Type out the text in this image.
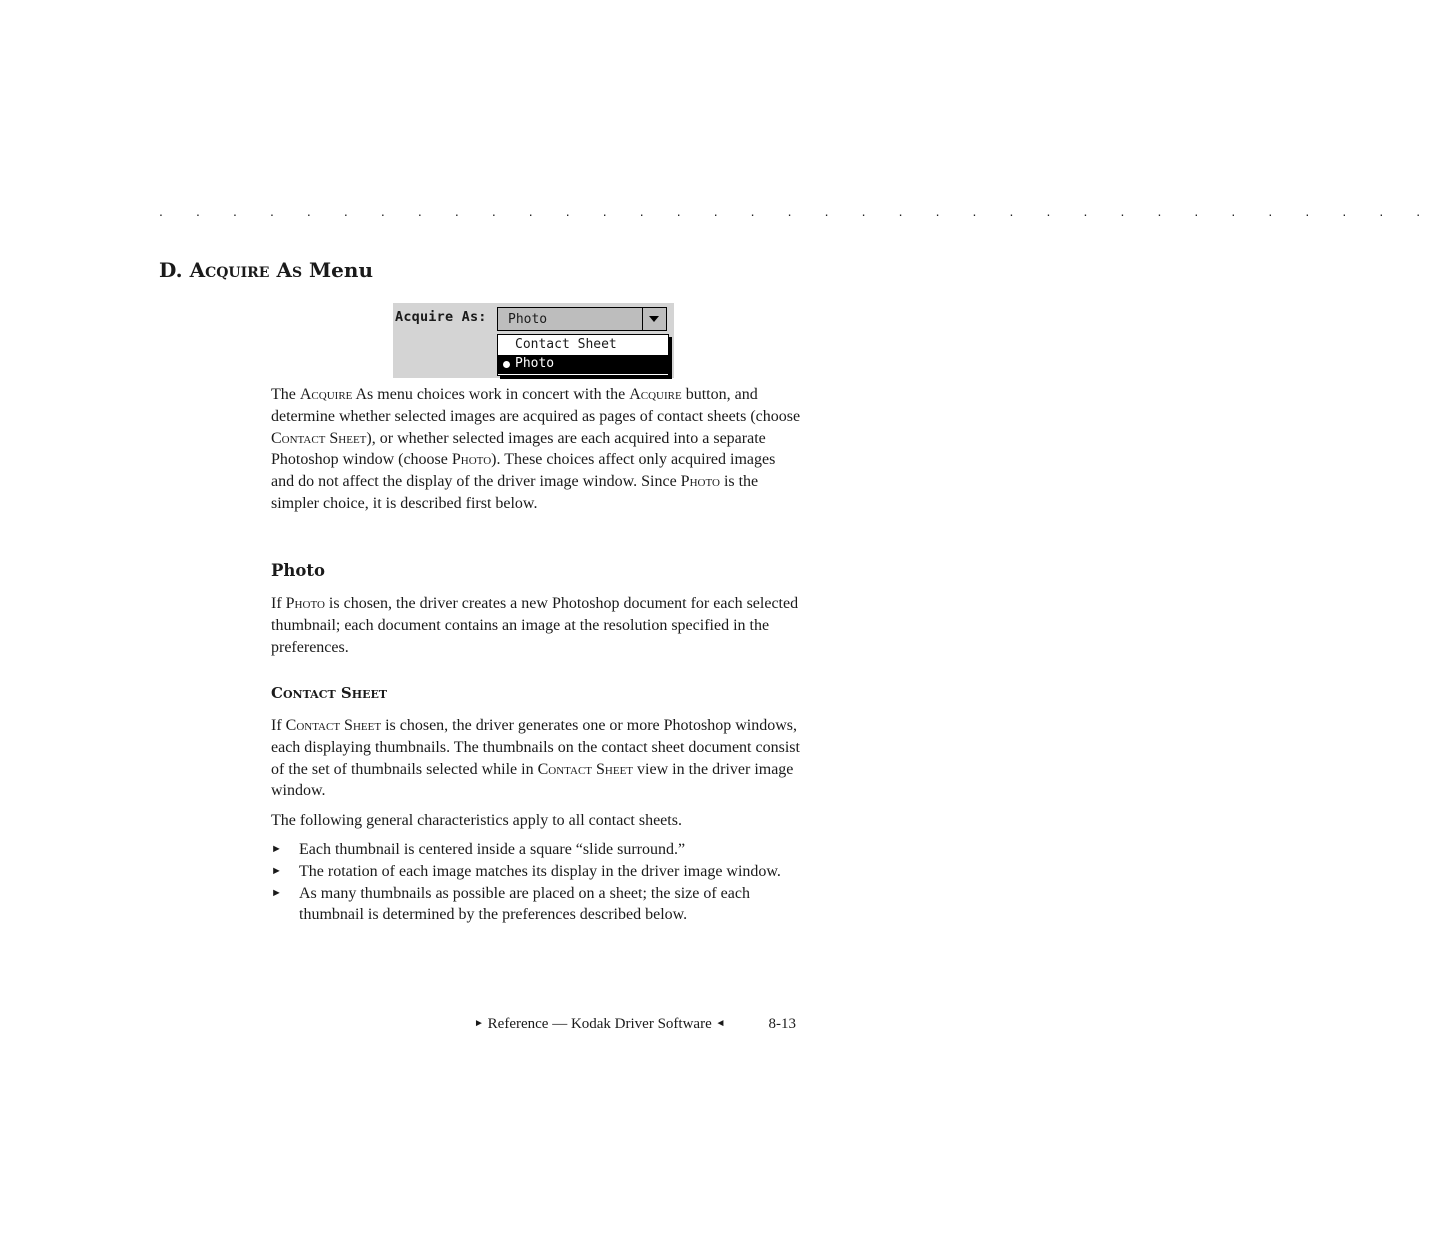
. . . . . . . . . . . . . . . . . . . . . . . . . . . . . . . . . . .
D. Acquire As Menu
Acquire As: Photo
Contact Sheet
Photo

The Acquire As menu choices work in concert with the Acquire button, and determine whether selected images are acquired as pages of contact sheets (choose Contact Sheet), or whether selected images are each acquired into a separate Photoshop window (choose Photo). These choices affect only acquired images and do not affect the display of the driver image window. Since Photo is the simpler choice, it is described first below.

Photo

If Photo is chosen, the driver creates a new Photoshop document for each selected thumbnail; each document contains an image at the resolution specified in the preferences.

Contact Sheet

If Contact Sheet is chosen, the driver generates one or more Photoshop windows, each displaying thumbnails. The thumbnails on the contact sheet document consist of the set of thumbnails selected while in Contact Sheet view in the driver image window.

The following general characteristics apply to all contact sheets.

► Each thumbnail is centered inside a square “slide surround.”
► The rotation of each image matches its display in the driver image window.
► As many thumbnails as possible are placed on a sheet; the size of each thumbnail is determined by the preferences described below.
► Reference — Kodak Driver Software ◄	8-13
